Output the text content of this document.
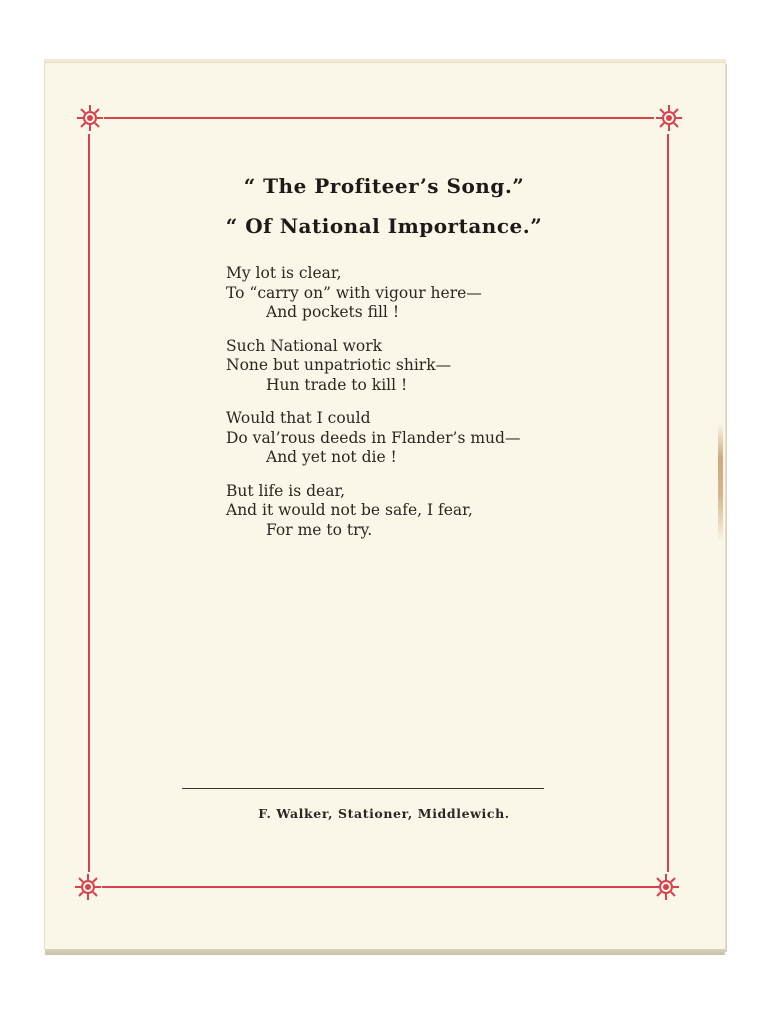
“ The Profiteer’s Song.”
“ Of National Importance.”
My lot is clear,
To “carry on” with vigour here—
And pockets fill !
Such National work
None but unpatriotic shirk—
Hun trade to kill !
Would that I could
Do val’rous deeds in Flander’s mud—
And yet not die !
But life is dear,
And it would not be safe, I fear,
For me to try.
F. Walker, Stationer, Middlewich.
